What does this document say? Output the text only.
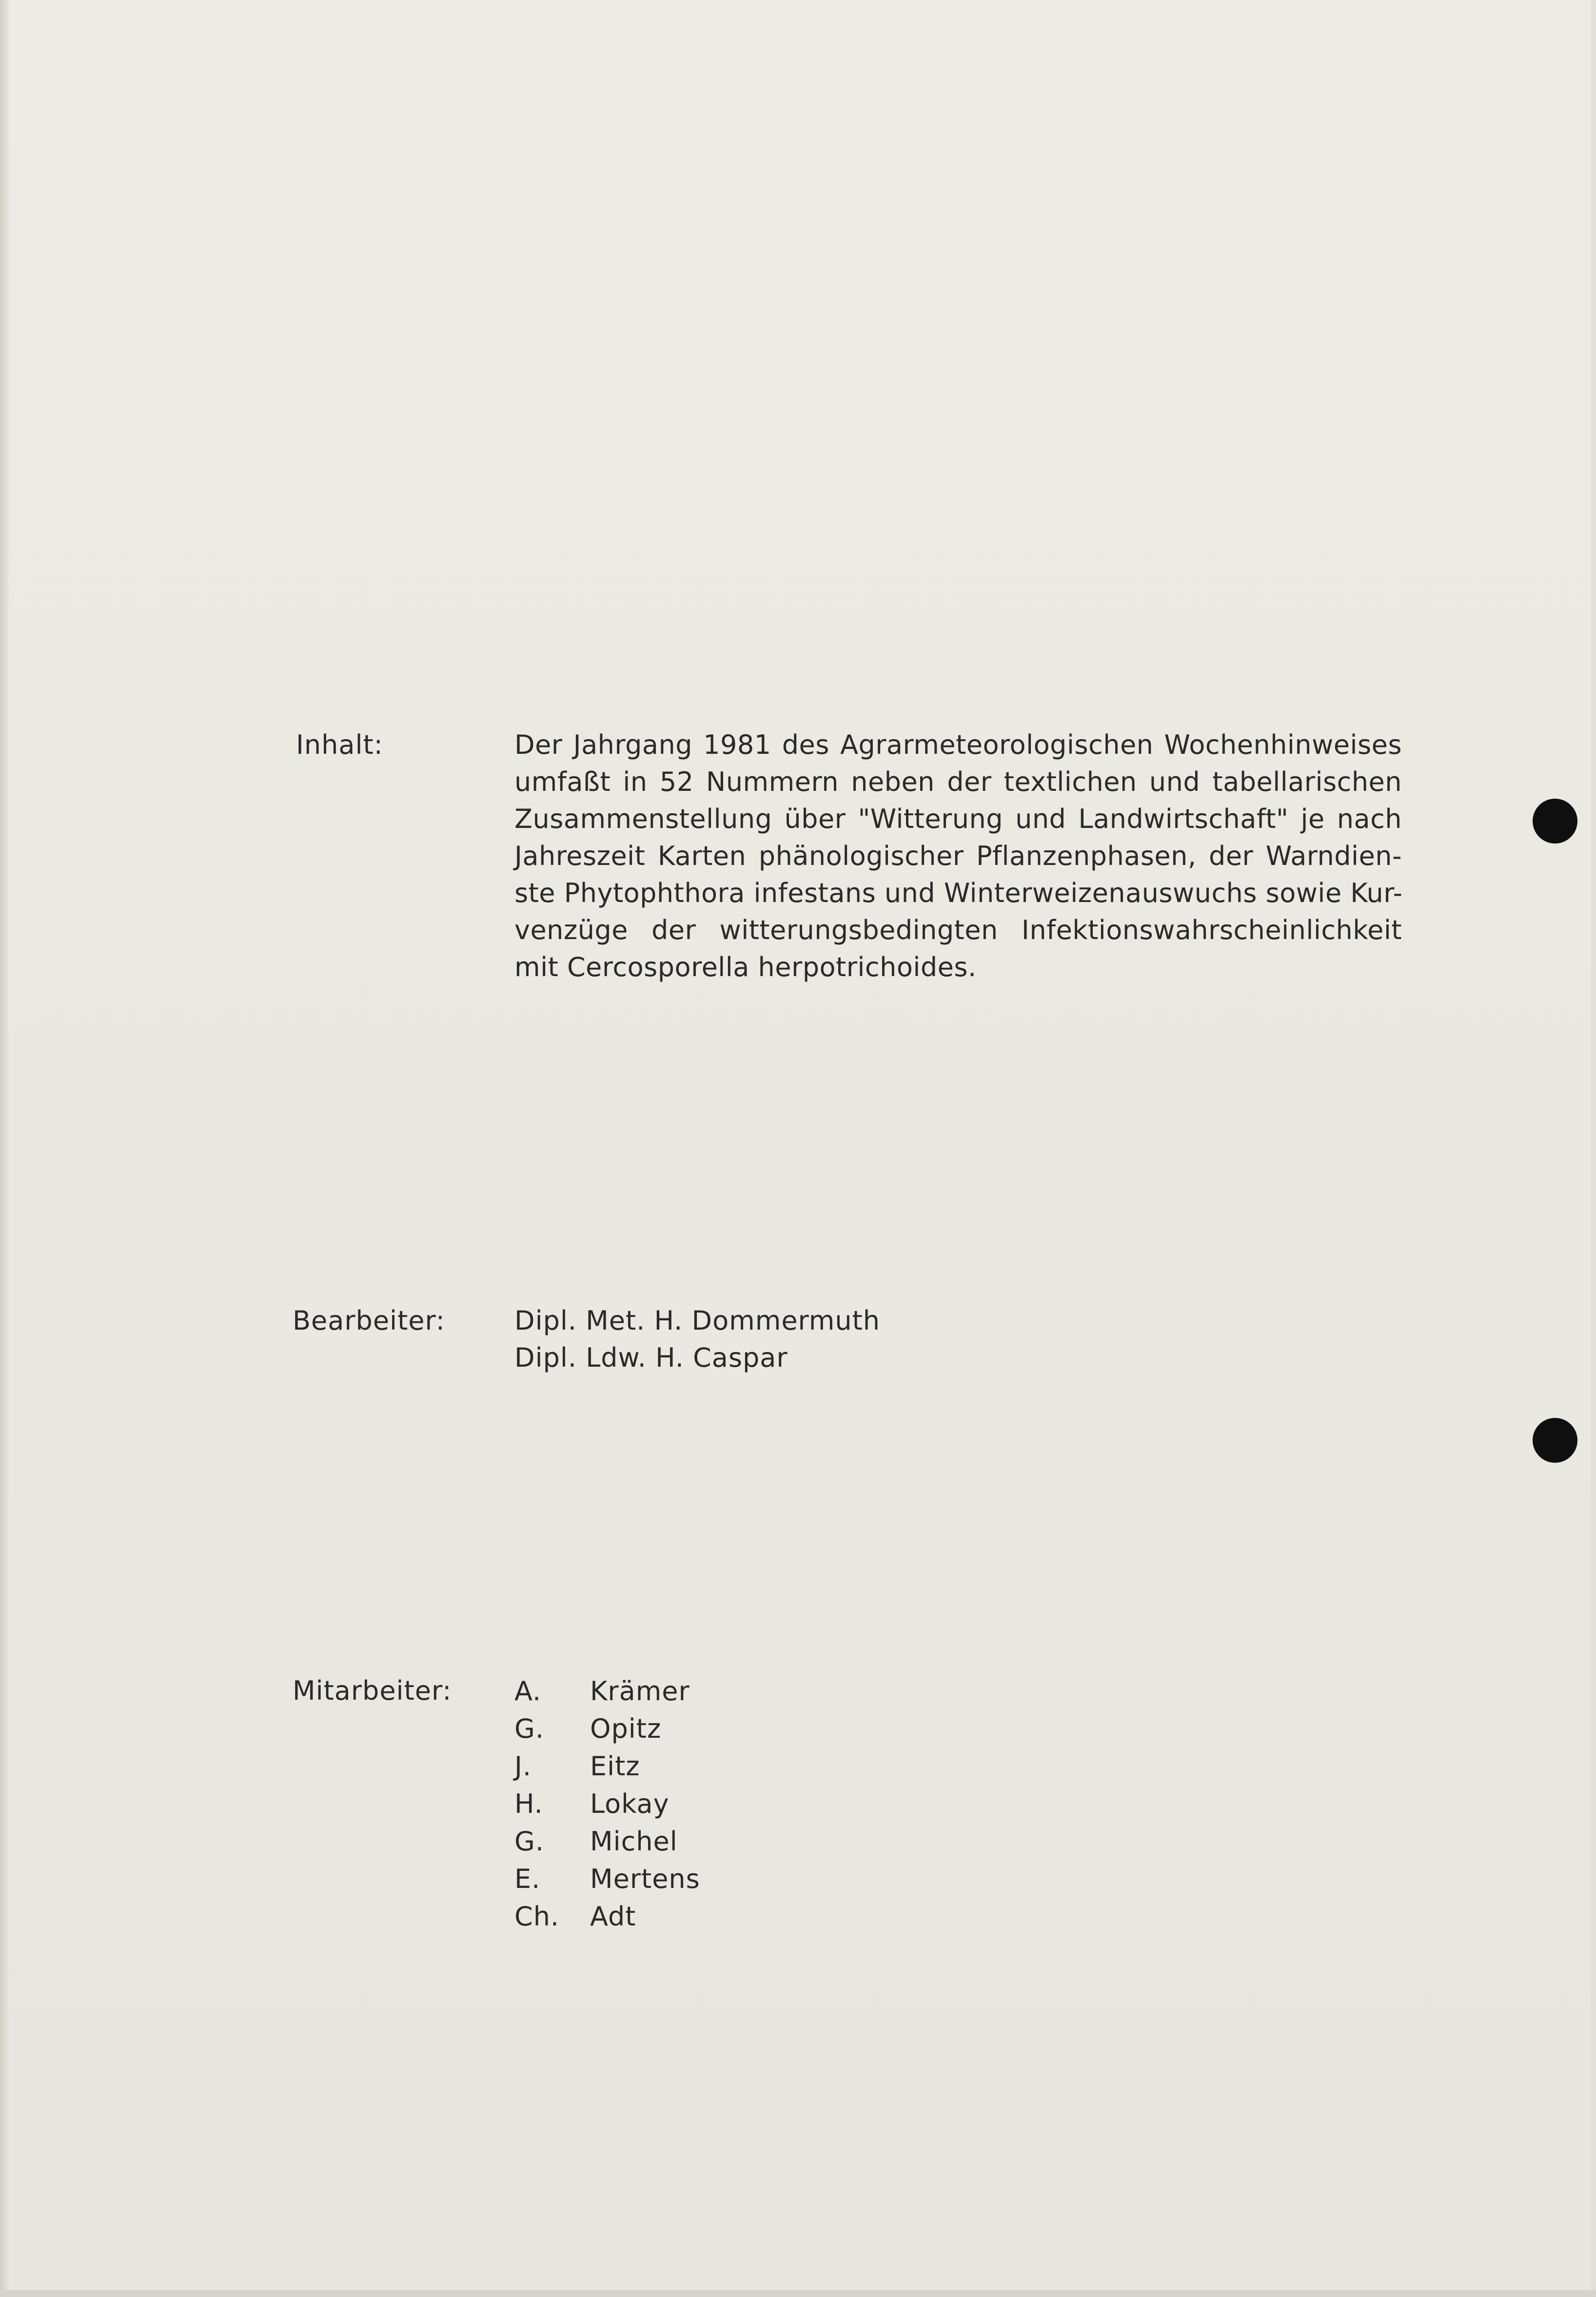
Inhalt:	Der Jahrgang 1981 des Agrarmeteorologischen Wochenhinweises
umfaßt in 52 Nummern neben der textlichen und tabellarischen
Zusammenstellung über "Witterung und Landwirtschaft" je nach
Jahreszeit Karten phänologischer Pflanzenphasen, der Warndien-
ste Phytophthora infestans und Winterweizenauswuchs sowie Kur-
venzüge der witterungsbedingten Infektionswahrscheinlichkeit
mit Cercosporella herpotrichoides.
Bearbeiter:	Dipl. Met. H. Dommermuth
Dipl. Ldw. H. Caspar
Mitarbeiter: A. Krämer
G. Opitz
J. Eitz
H. Lokay
G. Michel
E. Mertens
Ch. Adt
